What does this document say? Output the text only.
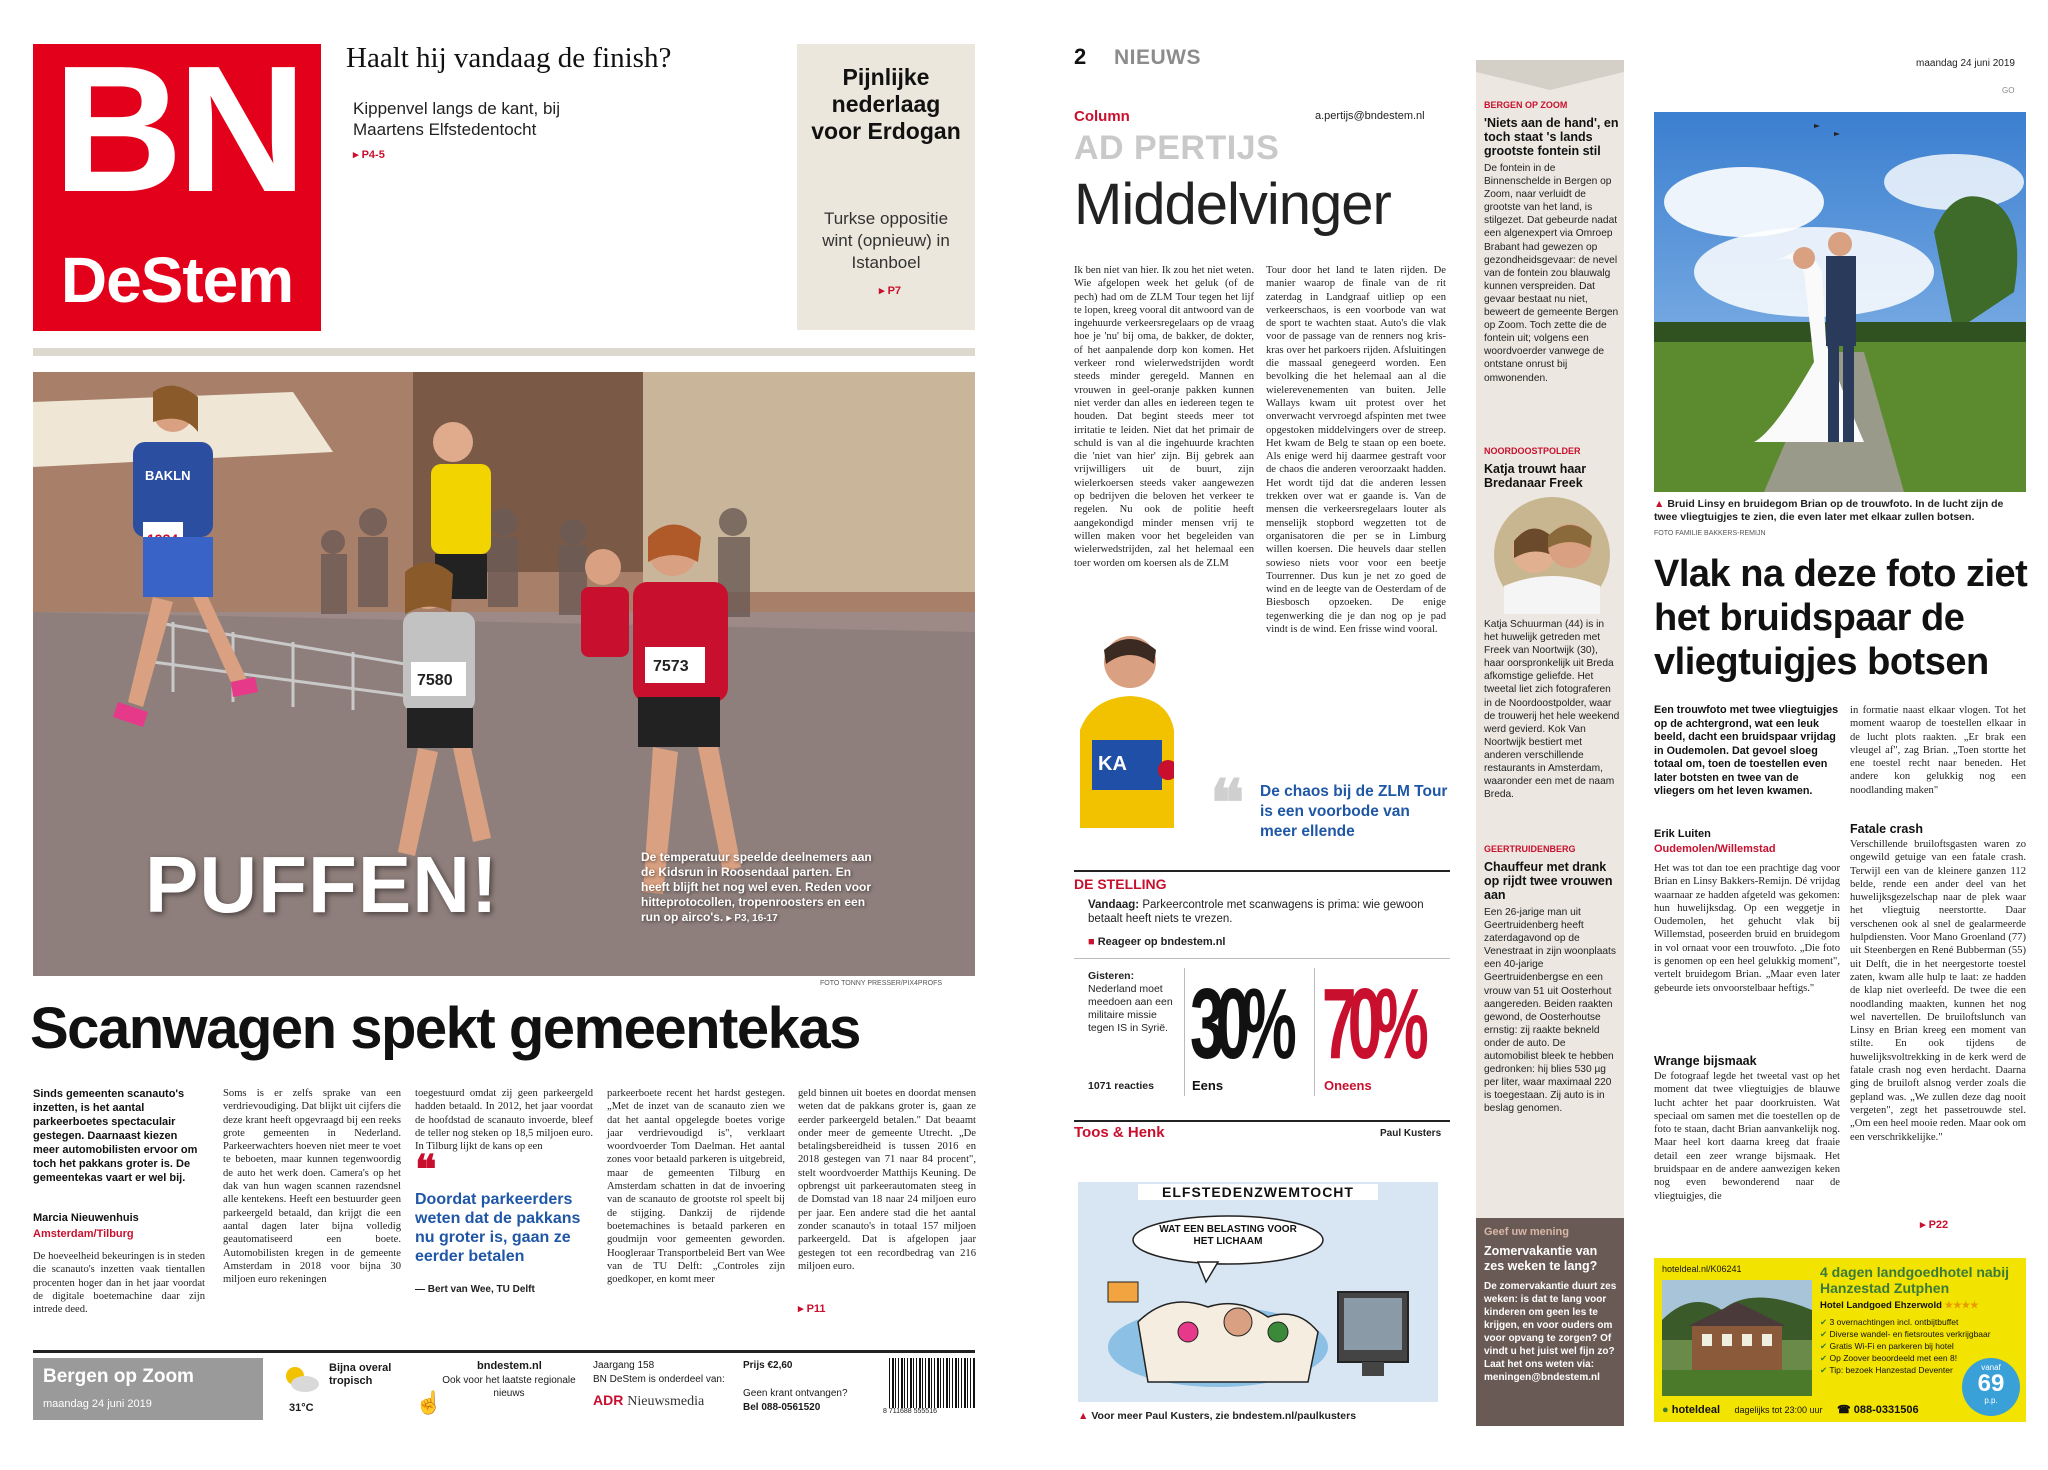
BN
DeStem
Haalt hij vandaag de finish?
Kippenvel langs de kant, bij Maartens Elfstedentocht
▸ P4-5
Pijnlijke nederlaag voor Erdogan
Turkse oppositie wint (opnieuw) in Istanboel
▸ P7
BAKLN
7580
7573
PUFFEN!	De temperatuur speelde deelnemers aan de Kidsrun in Roosendaal parten. En heeft blijft het nog wel even. Reden voor hitteprotocollen, tropenroosters en een run op airco's. ▸ P3, 16-17
FOTO TONNY PRESSER/PIX4PROFS
Scanwagen spekt gemeentekas
Sinds gemeenten scanauto's inzetten, is het aantal parkeerboetes spectaculair gestegen. Daarnaast kiezen meer automobilisten ervoor om toch het pakkans groter is. De gemeentekas vaart er wel bij.
Marcia Nieuwenhuis
Amsterdam/Tilburg
De hoeveelheid bekeuringen is in steden die scanauto's inzetten vaak tientallen procenten hoger dan in het jaar voordat de digitale boetemachine daar zijn intrede deed.
Soms is er zelfs sprake van een verdrievoudiging. Dat blijkt uit cijfers die deze krant heeft opgevraagd bij een reeks grote gemeenten in Nederland. Parkeerwachters hoeven niet meer te voet te beboeten, maar kunnen tegenwoordig de auto het werk doen. Camera's op het dak van hun wagen scannen razendsnel alle kentekens. Heeft een bestuurder geen parkeergeld betaald, dan krijgt die een aantal dagen later bijna volledig geautomatiseerd een boete. Automobilisten kregen in de gemeente Amsterdam in 2018 voor bijna 30 miljoen euro rekeningen
toegestuurd omdat zij geen parkeergeld hadden betaald. In 2012, het jaar voordat de hoofdstad de scanauto invoerde, bleef de teller nog steken op 18,5 miljoen euro. In Tilburg lijkt de kans op een
❝
Doordat parkeerders weten dat de pakkans nu groter is, gaan ze eerder betalen
— Bert van Wee, TU Delft
parkeerboete recent het hardst gestegen. „Met de inzet van de scanauto zien we dat het aantal opgelegde boetes vorige jaar verdrievoudigd is", verklaart woordvoerder Tom Daelman. Het aantal zones voor betaald parkeren is uitgebreid, maar de gemeenten Tilburg en Amsterdam schatten in dat de invoering van de scanauto de grootste rol speelt bij de stijging. Dankzij de rijdende boetemachines is betaald parkeren en goudmijn voor gemeenten geworden. Hoogleraar Transportbeleid Bert van Wee van de TU Delft: „Controles zijn goedkoper, en komt meer
geld binnen uit boetes en doordat mensen weten dat de pakkans groter is, gaan ze eerder parkeergeld betalen." Dat beaamt onder meer de gemeente Utrecht. „De betalingsbereidheid is tussen 2016 en 2018 gestegen van 71 naar 84 procent", stelt woordvoerder Matthijs Keuning. De opbrengst uit parkeerautomaten steeg in de Domstad van 18 naar 24 miljoen euro per jaar. Een andere stad die het aantal zonder scanauto's in totaal 157 miljoen parkeergeld. Dat is afgelopen jaar gestegen tot een recordbedrag van 216 miljoen euro.
▸ P11
Bergen op Zoom
maandag 24 juni 2019
Bijna overal tropisch
31°C
bndestem.nl
Ook voor het laatste regionale nieuws
☝
Jaargang 158
BN DeStem is onderdeel van:
ADR Nieuwsmedia
Prijs €2,60
Geen krant ontvangen?
Bel 088-0561520	8 711688 555516
2 NIEUWS	maandag 24 juni 2019
GO
Column	a.pertijs@bndestem.nl
AD PERTIJS
Middelvinger
Ik ben niet van hier. Ik zou het niet weten. Wie afgelopen week het geluk (of de pech) had om de ZLM Tour tegen het lijf te lopen, kreeg vooral dit antwoord van de ingehuurde verkeersregelaars op de vraag hoe je 'nu' bij oma, de bakker, de dokter, of het aanpalende dorp kon komen. Het verkeer rond wielerwedstrijden wordt steeds minder geregeld. Mannen en vrouwen in geel-oranje pakken kunnen niet verder dan alles en iedereen tegen te houden. Dat begint steeds meer tot irritatie te leiden. Niet dat het primair de schuld is van al die ingehuurde krachten die 'niet van hier' zijn. Bij gebrek aan vrijwilligers uit de buurt, zijn wielerkoersen steeds vaker aangewezen op bedrijven die beloven het verkeer te regelen. Nu ook de politie heeft aangekondigd minder mensen vrij te willen maken voor het begeleiden van wielerwedstrijden, zal het helemaal een toer worden om koersen als de ZLM
Tour door het land te laten rijden. De manier waarop de finale van de rit zaterdag in Landgraaf uitliep op een verkeerschaos, is een voorbode van wat de sport te wachten staat. Auto's die vlak voor de passage van de renners nog kris-kras over het parkoers rijden. Afsluitingen die massaal genegeerd worden. Een bevolking die het helemaal aan al die wielerevenementen van buiten. Jelle Wallays kwam uit protest over het onverwacht vervroegd afspinten met twee opgestoken middelvingers over de streep. Het kwam de Belg te staan op een boete. Als enige werd hij daarmee gestraft voor de chaos die anderen veroorzaakt hadden. Het wordt tijd dat die anderen lessen trekken over wat er gaande is. Van de mensen die verkeersregelaars louter als menselijk stopbord wegzetten tot de organisatoren die per se in Limburg willen koersen. Die heuvels daar stellen sowieso niets voor voor een beetje Tourrenner. Dus kun je net zo goed de wind en de leegte van de Oesterdam of de Biesbosch opzoeken. De enige tegenwerking die je dan nog op je pad vindt is de wind. Een frisse wind vooral.
KA
❝ De chaos bij de ZLM Tour is een voorbode van meer ellende
DE STELLING
Vandaag: Parkeercontrole met scanwagens is prima: wie gewoon betaalt heeft niets te vrezen.
■ Reageer op bndestem.nl
Gisteren:
Nederland moet meedoen aan een militaire missie tegen IS in Syrië.
1071 reacties
30%
Eens
70%
Oneens
Toos & Henk	Paul Kusters
ELFSTEDENZWEMTOCHT
WAT EEN BELASTING VOOR HET LICHAAM
▲ Voor meer Paul Kusters, zie bndestem.nl/paulkusters
BERGEN OP ZOOM
'Niets aan de hand', en toch staat 's lands grootste fontein stil
De fontein in de Binnenschelde in Bergen op Zoom, naar verluidt de grootste van het land, is stilgezet. Dat gebeurde nadat een algenexpert via Omroep Brabant had gewezen op gezondheidsgevaar: de nevel van de fontein zou blauwalg kunnen verspreiden. Dat gevaar bestaat nu niet, beweert de gemeente Bergen op Zoom. Toch zette die de fontein uit; volgens een woordvoerder vanwege de ontstane onrust bij omwonenden.
NOORDOOSTPOLDER
Katja trouwt haar Bredanaar Freek
Katja Schuurman (44) is in het huwelijk getreden met Freek van Noortwijk (30), haar oorspronkelijk uit Breda afkomstige geliefde. Het tweetal liet zich fotograferen in de Noordoostpolder, waar de trouwerij het hele weekend werd gevierd. Kok Van Noortwijk bestiert met anderen verschillende restaurants in Amsterdam, waaronder een met de naam Breda.
GEERTRUIDENBERG
Chauffeur met drank op rijdt twee vrouwen aan
Een 26-jarige man uit Geertruidenberg heeft zaterdagavond op de Venestraat in zijn woonplaats een 40-jarige Geertruidenbergse en een vrouw van 51 uit Oosterhout aangereden. Beiden raakten gewond, de Oosterhoutse ernstig: zij raakte bekneld onder de auto. De automobilist bleek te hebben gedronken: hij blies 530 µg per liter, waar maximaal 220 is toegestaan. Zij auto is in beslag genomen.
Geef uw mening
Zomervakantie van zes weken te lang?
De zomervakantie duurt zes weken: is dat te lang voor kinderen om geen les te krijgen, en voor ouders om voor opvang te zorgen? Of vindt u het juist wel fijn zo? Laat het ons weten via: meningen@bndestem.nl
▲ Bruid Linsy en bruidegom Brian op de trouwfoto. In de lucht zijn de twee vliegtuigjes te zien, die even later met elkaar zullen botsen.
FOTO FAMILIE BAKKERS-REMIJN
Vlak na deze foto ziet het bruidspaar de vliegtuigjes botsen
Een trouwfoto met twee vliegtuigjes op de achtergrond, wat een leuk beeld, dacht een bruidspaar vrijdag in Oudemolen. Dat gevoel sloeg totaal om, toen de toestellen even later botsten en twee van de vliegers om het leven kwamen.
Erik Luiten
Oudemolen/Willemstad
Het was tot dan toe een prachtige dag voor Brian en Linsy Bakkers-Remijn. Dé vrijdag waarnaar ze hadden afgeteld was gekomen: hun huwelijksdag. Op een weggetje in Oudemolen, het gehucht vlak bij Willemstad, poseerden bruid en bruidegom in vol ornaat voor een trouwfoto. „Die foto is genomen op een heel gelukkig moment", vertelt bruidegom Brian. „Maar even later gebeurde iets onvoorstelbaar heftigs."
Wrange bijsmaak
De fotograaf legde het tweetal vast op het moment dat twee vliegtuigjes de blauwe lucht achter het paar doorkruisten. Wat speciaal om samen met die toestellen op de foto te staan, dacht Brian aanvankelijk nog. Maar heel kort daarna kreeg dat fraaie detail een zeer wrange bijsmaak. Het bruidspaar en de andere aanwezigen keken nog even bewonderend naar de vliegtuigjes, die
in formatie naast elkaar vlogen. Tot het moment waarop de toestellen elkaar in de lucht plots raakten. „Er brak een vleugel af", zag Brian. „Toen stortte het ene toestel recht naar beneden. Het andere kon gelukkig nog een noodlanding maken"
Fatale crash
Verschillende bruiloftsgasten waren zo ongewild getuige van een fatale crash. Terwijl een van de kleinere ganzen 112 belde, rende een ander deel van het huwelijksgezelschap naar de plek waar het vliegtuig neerstortte. Daar verschenen ook al snel de gealarmeerde hulpdiensten. Voor Mano Groenland (77) uit Steenbergen en René Bubberman (55) uit Delft, die in het neergestorte toestel zaten, kwam alle hulp te laat: ze hadden de klap niet overleefd. De twee die een noodlanding maakten, kunnen het nog wel navertellen. De bruiloftslunch van Linsy en Brian kreeg een moment van stilte. En ook tijdens de huwelijksvoltrekking in de kerk werd de fatale crash nog even herdacht. Daarna ging de bruiloft alsnog verder zoals die gepland was. „We zullen deze dag nooit vergeten", zegt het passetrouwde stel. „Om een heel mooie reden. Maar ook om een verschrikkelijke."
▸ P22
hoteldeal.nl/K06241	4 dagen landgoedhotel nabij Hanzestad Zutphen
Hotel Landgoed Ehzerwold ★★★★
✔ 3 overnachtingen incl. ontbijtbuffet
✔ Diverse wandel- en fietsroutes verkrijgbaar
✔ Gratis Wi-Fi en parkeren bij hotel
✔ Op Zoover beoordeeld met een 8!
✔ Tip: bezoek Hanzestad Deventer	vanaf
69
p.p.
● hoteldeal dagelijks tot 23:00 uur ☎ 088-0331506
